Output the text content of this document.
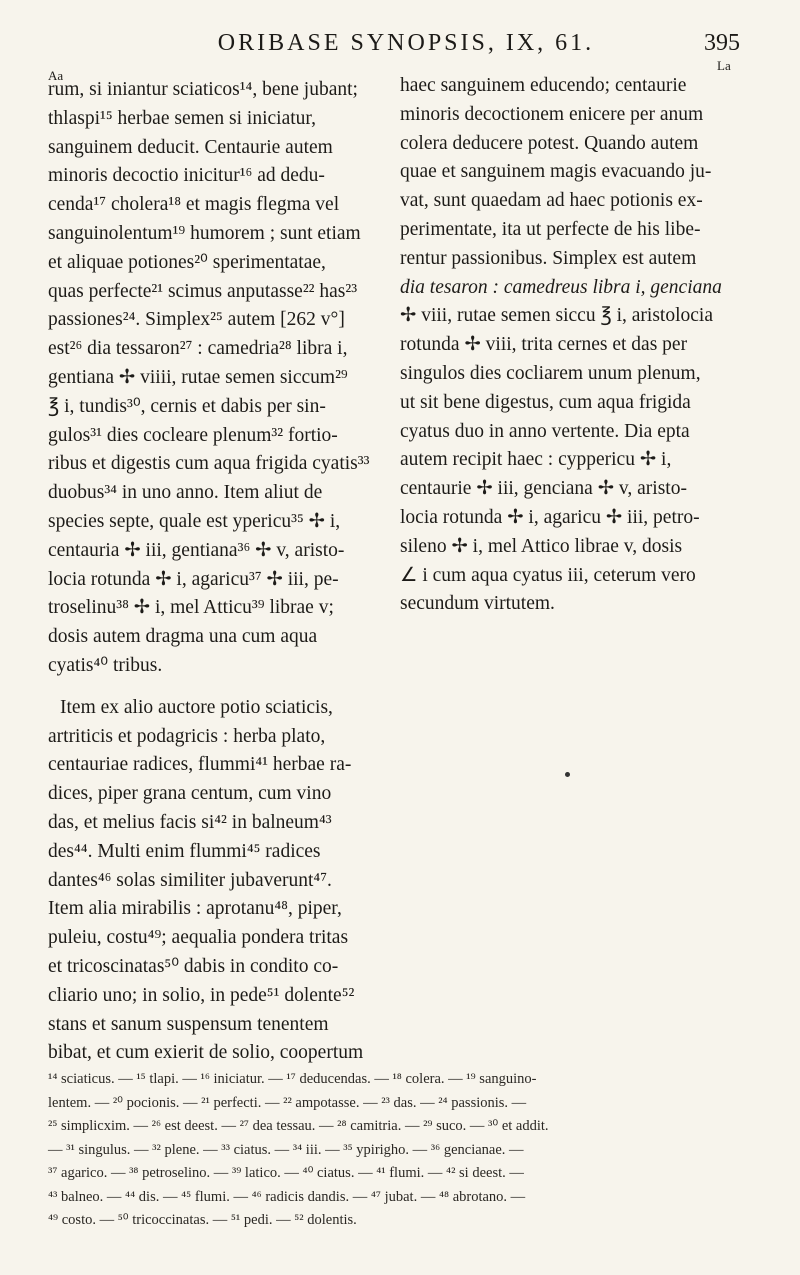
ORIBASE SYNOPSIS, IX, 61.	395
Aa
La
rum, si iniantur sciaticos¹⁴, bene jubant;
thlaspi¹⁵ herbae semen si iniciatur,
sanguinem deducit. Centaurie autem
minoris decoctio inicitur¹⁶ ad dedu-
cenda¹⁷ cholera¹⁸ et magis flegma vel
sanguinolentum¹⁹ humorem ; sunt etiam
et aliquae potiones²⁰ sperimentatae,
quas perfecte²¹ scimus anputasse²² has²³
passiones²⁴. Simplex²⁵ autem [262 v°]
est²⁶ dia tessaron²⁷ : camedria²⁸ libra i,
gentiana ✢ viiii, rutae semen siccum²⁹
℥ i, tundis³⁰, cernis et dabis per sin-
gulos³¹ dies cocleare plenum³² fortio-
ribus et digestis cum aqua frigida cyatis³³
duobus³⁴ in uno anno. Item aliut de
species septe, quale est ypericu³⁵ ✢ i,
centauria ✢ iii, gentiana³⁶ ✢ v, aristo-
locia rotunda ✢ i, agaricu³⁷ ✢ iii, pe-
troselinu³⁸ ✢ i, mel Atticu³⁹ librae v;
dosis autem dragma una cum aqua
cyatis⁴⁰ tribus.
Item ex alio auctore potio sciaticis,
artriticis et podagricis : herba plato,
centauriae radices, flummi⁴¹ herbae ra-
dices, piper grana centum, cum vino
das, et melius facis si⁴² in balneum⁴³
des⁴⁴. Multi enim flummi⁴⁵ radices
dantes⁴⁶ solas similiter jubaverunt⁴⁷.
Item alia mirabilis : aprotanu⁴⁸, piper,
puleiu, costu⁴⁹; aequalia pondera tritas
et tricoscinatas⁵⁰ dabis in condito co-
cliario uno; in solio, in pede⁵¹ dolente⁵²
stans et sanum suspensum tenentem
bibat, et cum exierit de solio, coopertum
haec sanguinem educendo; centaurie
minoris decoctionem enicere per anum
colera deducere potest. Quando autem
quae et sanguinem magis evacuando ju-
vat, sunt quaedam ad haec potionis ex-
perimentate, ita ut perfecte de his libe-
rentur passionibus. Simplex est autem
dia tesaron : camedreus libra i, genciana
✢ viii, rutae semen siccu ℥ i, aristolocia
rotunda ✢ viii, trita cernes et das per
singulos dies cocliarem unum plenum,
ut sit bene digestus, cum aqua frigida
cyatus duo in anno vertente. Dia epta
autem recipit haec : cyppericu ✢ i,
centaurie ✢ iii, genciana ✢ v, aristo-
locia rotunda ✢ i, agaricu ✢ iii, petro-
sileno ✢ i, mel Attico librae v, dosis
∠ i cum aqua cyatus iii, ceterum vero
secundum virtutem.
¹⁴ sciaticus. — ¹⁵ tlapi. — ¹⁶ iniciatur. — ¹⁷ deducendas. — ¹⁸ colera. — ¹⁹ sanguino-
lentem. — ²⁰ pocionis. — ²¹ perfecti. — ²² ampotasse. — ²³ das. — ²⁴ passionis. —
²⁵ simplicxim. — ²⁶ est deest. — ²⁷ dea tessau. — ²⁸ camitria. — ²⁹ suco. — ³⁰ et addit.
— ³¹ singulus. — ³² plene. — ³³ ciatus. — ³⁴ iii. — ³⁵ ypirigho. — ³⁶ gencianae. —
³⁷ agarico. — ³⁸ petroselino. — ³⁹ latico. — ⁴⁰ ciatus. — ⁴¹ flumi. — ⁴² si deest. —
⁴³ balneo. — ⁴⁴ dis. — ⁴⁵ flumi. — ⁴⁶ radicis dandis. — ⁴⁷ jubat. — ⁴⁸ abrotano. —
⁴⁹ costo. — ⁵⁰ tricoccinatas. — ⁵¹ pedi. — ⁵² dolentis.
